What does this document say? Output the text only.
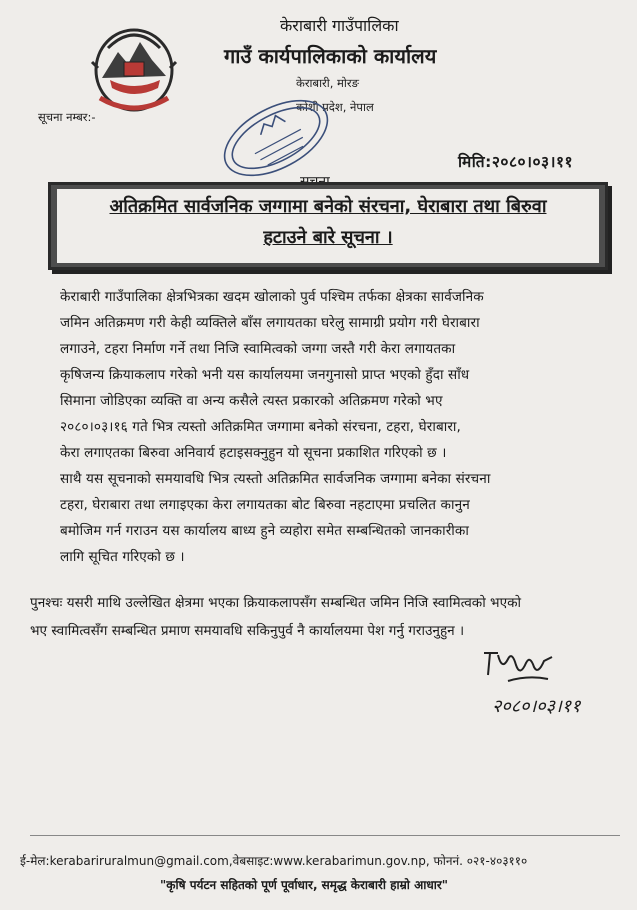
केराबारी गाउँपालिका
गाउँ कार्यपालिकाको कार्यालय
केराबारी, मोरङ
कोशी प्रदेश, नेपाल
सूचना नम्बर:-
मिति:२०८०।०३।११
अतिक्रमित सार्वजनिक जग्गामा बनेको संरचना, घेराबारा तथा बिरुवा
हटाउने बारे सूचना ।
केराबारी गाउँपालिका क्षेत्रभित्रका खदम खोलाको पुर्व पश्चिम तर्फका क्षेत्रका सार्वजनिक
जमिन अतिक्रमण गरी केही व्यक्तिले बाँस लगायतका घरेलु सामाग्री प्रयोग गरी घेराबारा
लगाउने, टहरा निर्माण गर्ने तथा निजि स्वामित्वको जग्गा जस्तै गरी केरा लगायतका
कृषिजन्य क्रियाकलाप गरेको भनी यस कार्यालयमा जनगुनासो प्राप्त भएको हुँदा साँध
सिमाना जोडिएका व्यक्ति वा अन्य कसैले त्यस्त प्रकारको अतिक्रमण गरेको भए
२०८०।०३।१६ गते भित्र त्यस्तो अतिक्रमित जग्गामा बनेको संरचना, टहरा, घेराबारा,
केरा लगाएतका बिरुवा अनिवार्य हटाइसक्नुहुन यो सूचना प्रकाशित गरिएको छ ।
साथै यस सूचनाको समयावधि भित्र त्यस्तो अतिक्रमित सार्वजनिक जग्गामा बनेका संरचना
टहरा, घेराबारा तथा लगाइएका केरा लगायतका बोट बिरुवा नहटाएमा प्रचलित कानुन
बमोजिम गर्न गराउन यस कार्यालय बाध्य हुने व्यहोरा समेत सम्बन्धितको जानकारीका
लागि सूचित गरिएको छ ।
पुनश्चः यसरी माथि उल्लेखित क्षेत्रमा भएका क्रियाकलापसँग सम्बन्धित जमिन निजि स्वामित्वको भएको
भए स्वामित्वसँग सम्बन्धित प्रमाण समयावधि सकिनुपुर्व नै कार्यालयमा पेश गर्नु गराउनुहुन ।
२०८०।०३।११
ई-मेल:kerabariruralmun@gmail.com,वेबसाइट:www.kerabarimun.gov.np, फोननं. ०२१-४०३११०
"कृषि पर्यटन सहितको पूर्ण पूर्वाधार, समृद्ध केराबारी हाम्रो आधार"
